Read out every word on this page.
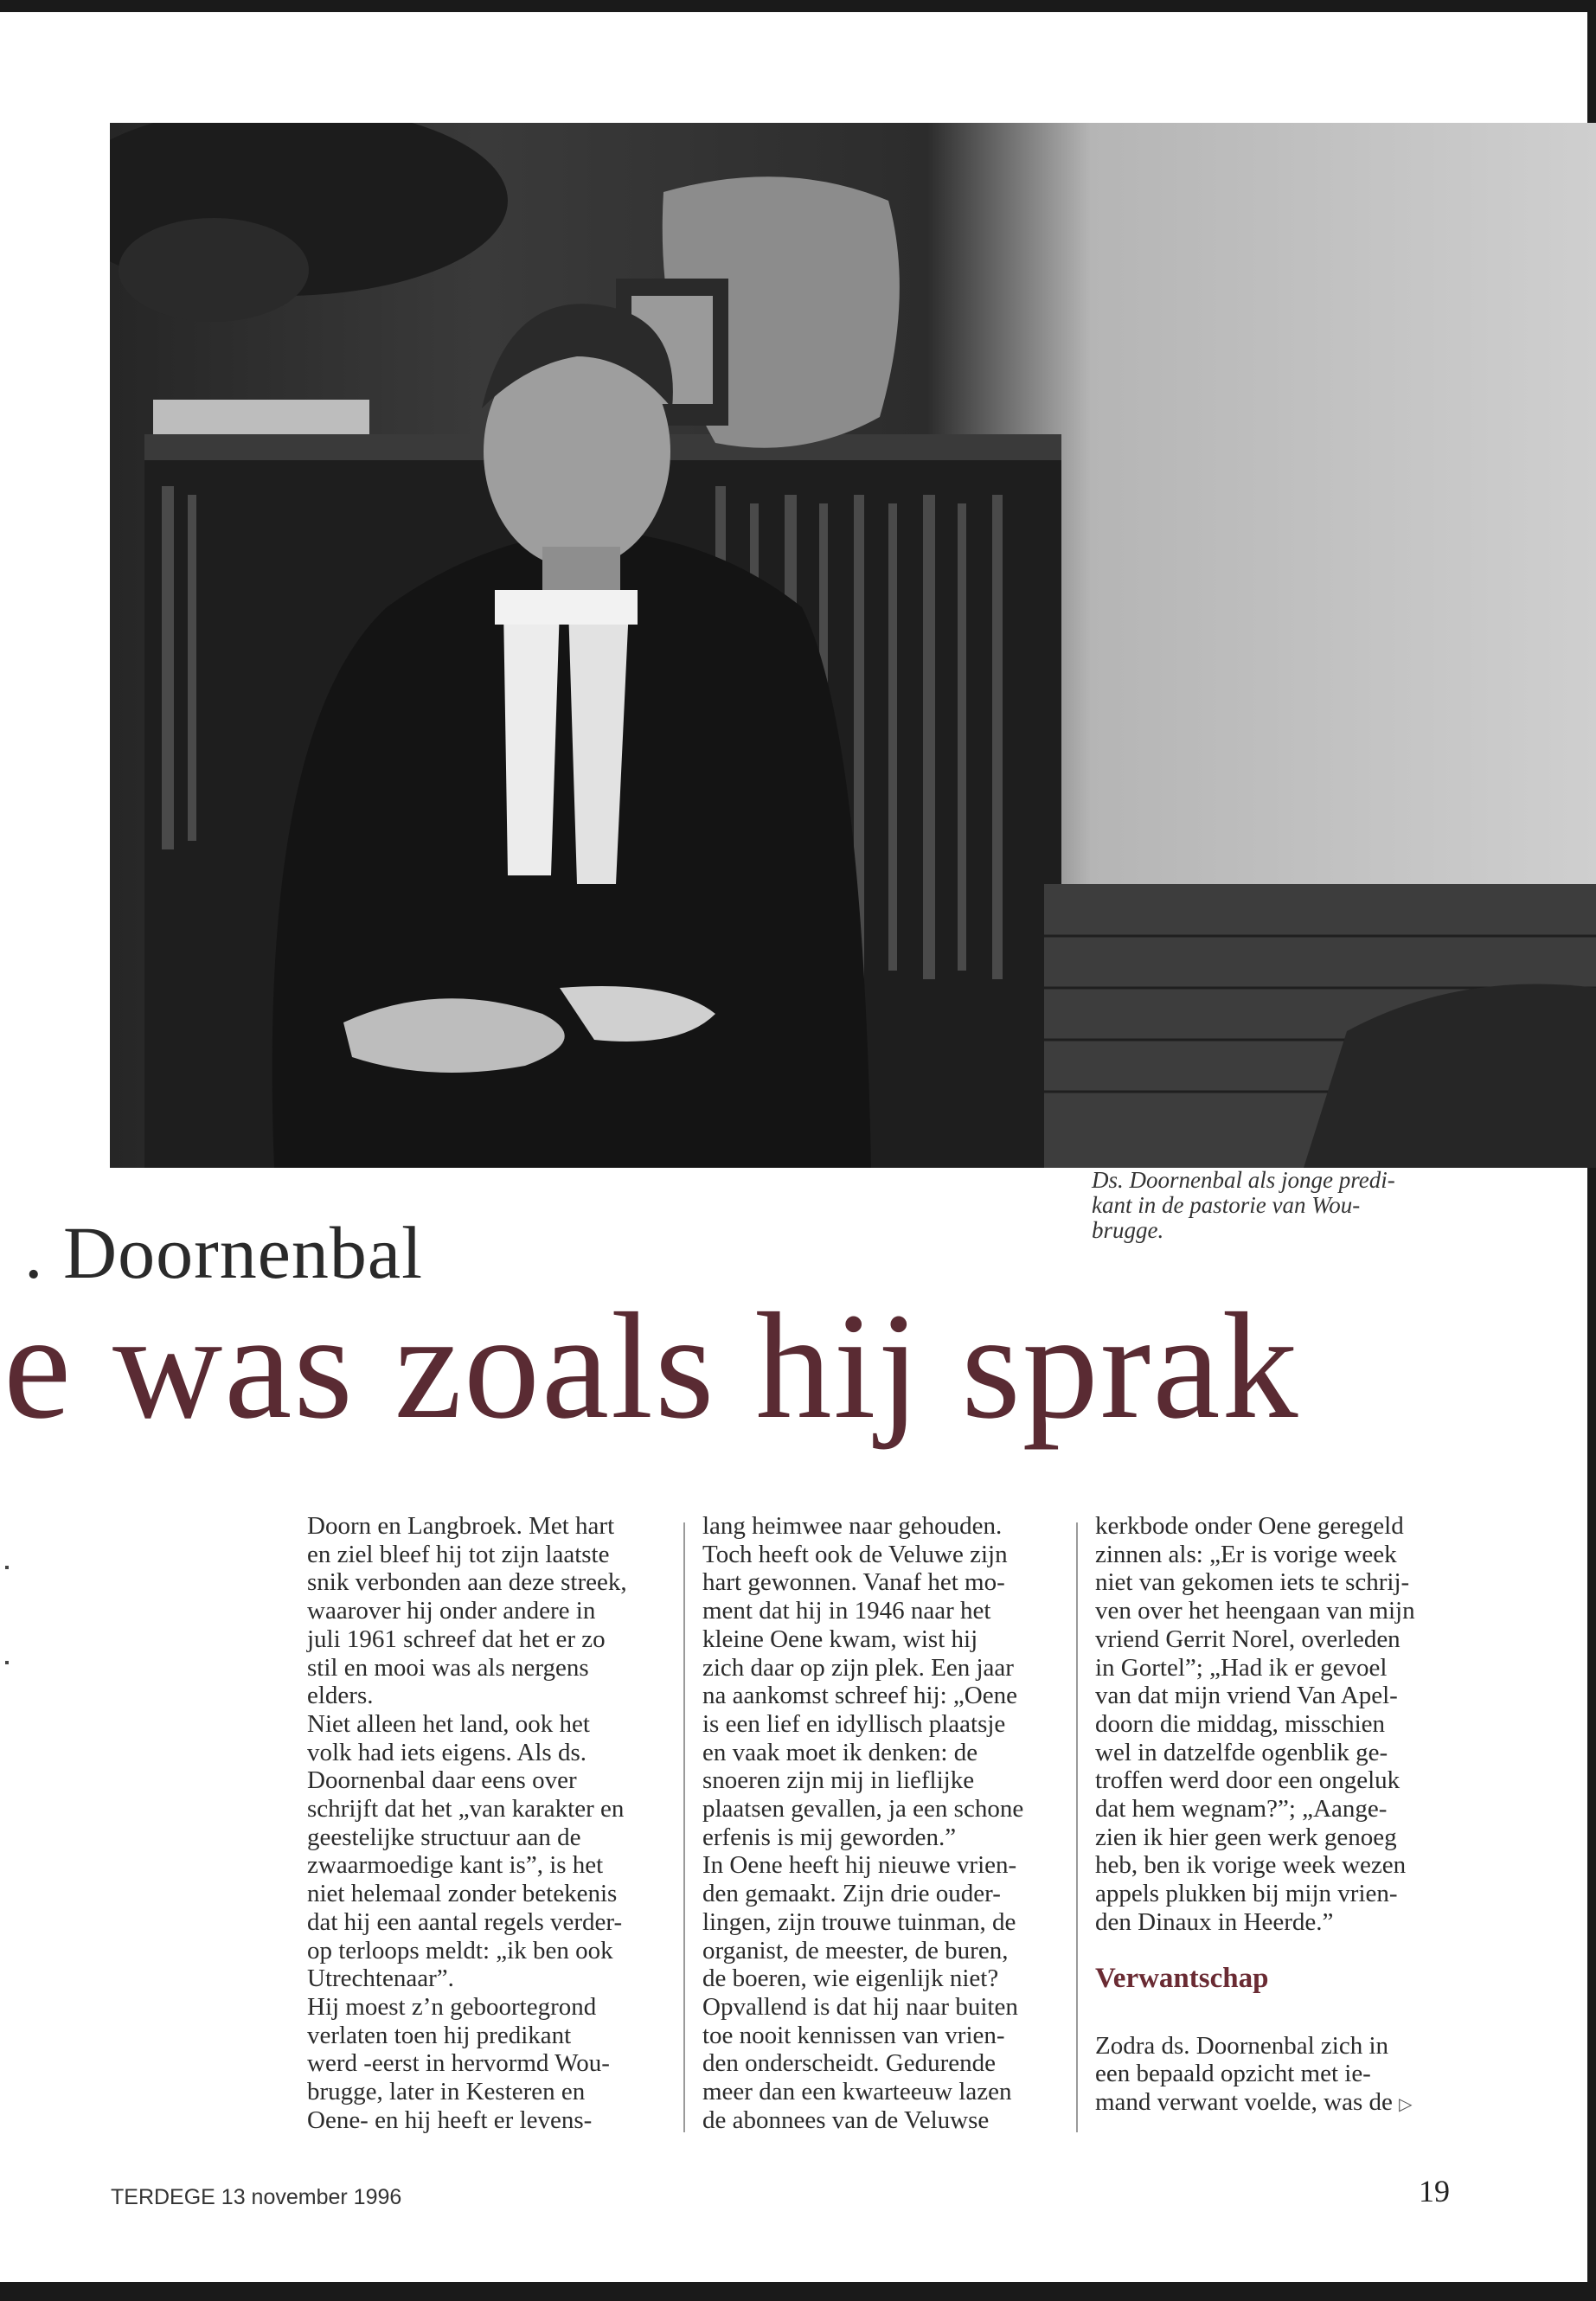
Ds. Doornenbal als jonge predi-
kant in de pastorie van Wou-
brugge.
. Doornenbal
e was zoals hij sprak

Doorn en Langbroek. Met hart

en ziel bleef hij tot zijn laatste

snik verbonden aan deze streek,

waarover hij onder andere in

juli 1961 schreef dat het er zo

stil en mooi was als nergens

elders.

Niet alleen het land, ook het

volk had iets eigens. Als ds.

Doornenbal daar eens over

schrijft dat het „van karakter en

geestelijke structuur aan de

zwaarmoedige kant is”, is het

niet helemaal zonder betekenis

dat hij een aantal regels verder-

op terloops meldt: „ik ben ook

Utrechtenaar”.

Hij moest z’n geboortegrond

verlaten toen hij predikant

werd -eerst in hervormd Wou-

brugge, later in Kesteren en

Oene- en hij heeft er levens-

lang heimwee naar gehouden.

Toch heeft ook de Veluwe zijn

hart gewonnen. Vanaf het mo-

ment dat hij in 1946 naar het

kleine Oene kwam, wist hij

zich daar op zijn plek. Een jaar

na aankomst schreef hij: „Oene

is een lief en idyllisch plaatsje

en vaak moet ik denken: de

snoeren zijn mij in lieflijke

plaatsen gevallen, ja een schone

erfenis is mij geworden.”

In Oene heeft hij nieuwe vrien-

den gemaakt. Zijn drie ouder-

lingen, zijn trouwe tuinman, de

organist, de meester, de buren,

de boeren, wie eigenlijk niet?

Opvallend is dat hij naar buiten

toe nooit kennissen van vrien-

den onderscheidt. Gedurende

meer dan een kwarteeuw lazen

de abonnees van de Veluwse

kerkbode onder Oene geregeld

zinnen als: „Er is vorige week

niet van gekomen iets te schrij-

ven over het heengaan van mijn

vriend Gerrit Norel, overleden

in Gortel”; „Had ik er gevoel

van dat mijn vriend Van Apel-

doorn die middag, misschien

wel in datzelfde ogenblik ge-

troffen werd door een ongeluk

dat hem wegnam?”; „Aange-

zien ik hier geen werk genoeg

heb, ben ik vorige week wezen

appels plukken bij mijn vrien-

den Dinaux in Heerde.”

Verwantschap

Zodra ds. Doornenbal zich in

een bepaald opzicht met ie-

mand verwant voelde, was de ▷

TERDEGE 13 november 1996	19
